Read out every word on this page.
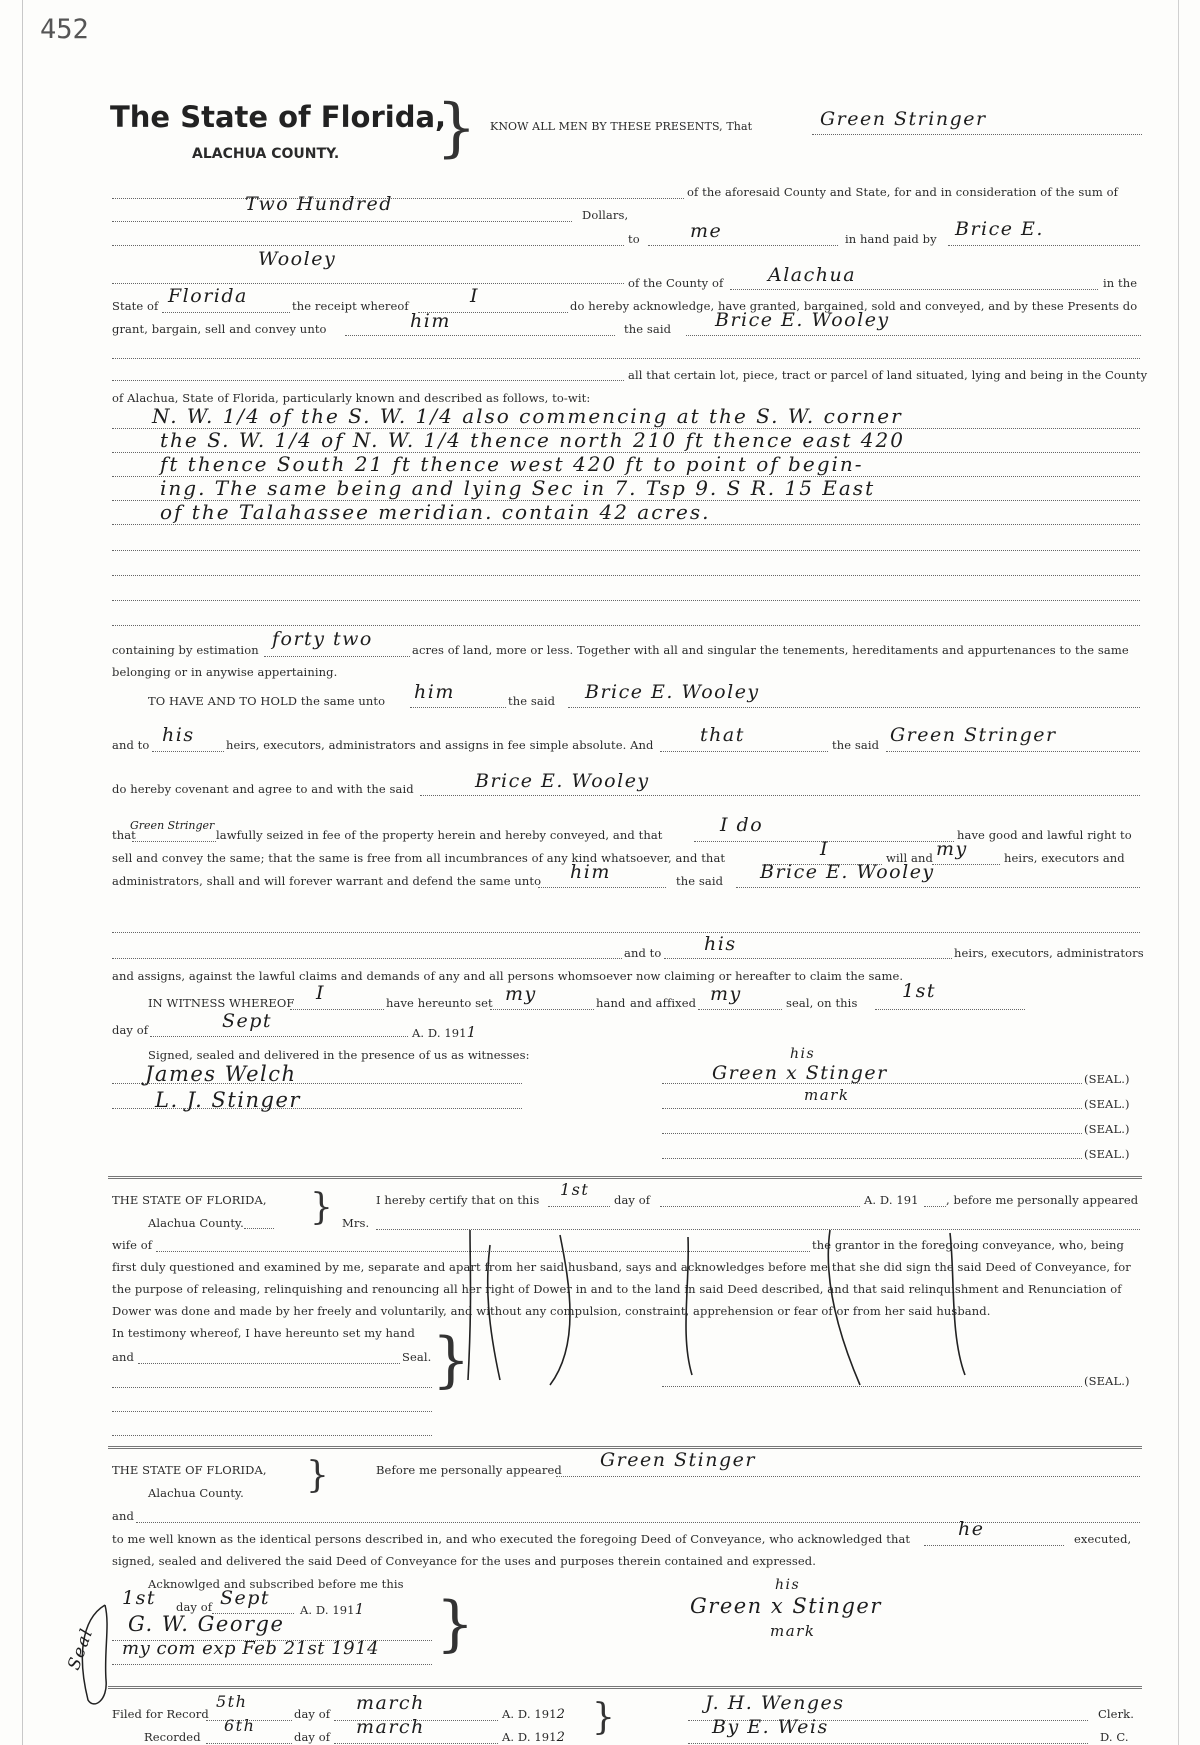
452
The State of Florida,
ALACHUA COUNTY. } KNOW ALL MEN BY THESE PRESENTS, That	Green Stringer
of the aforesaid County and State, for and in consideration of the sum of
Two Hundred	Dollars,
to	me	in hand paid by Brice E.
Wooley
of the County of Alachua	in the
State of Florida	the receipt whereof	I	do hereby acknowledge, have granted, bargained, sold and conveyed, and by these Presents do
grant, bargain, sell and convey unto	him	the said Brice E. Wooley
all that certain lot, piece, tract or parcel of land situated, lying and being in the County
of Alachua, State of Florida, particularly known and described as follows, to-wit:
N. W. 1/4 of the S. W. 1/4 also commencing at the S. W. corner
the S. W. 1/4 of N. W. 1/4 thence north 210 ft thence east 420
ft thence South 21 ft thence west 420 ft to point of begin-
ing. The same being and lying Sec in 7. Tsp 9. S R. 15 East
of the Talahassee meridian. contain 42 acres.
containing by estimation forty two	acres of land, more or less. Together with all and singular the tenements, hereditaments and appurtenances to the same
belonging or in anywise appertaining.
TO HAVE AND TO HOLD the same unto him	the said Brice E. Wooley
and to his	heirs, executors, administrators and assigns in fee simple absolute. And that	the said Green Stringer
do hereby covenant and agree to and with the said	Brice E. Wooley
that
Green Stringer
lawfully seized in fee of the property herein and hereby conveyed, and that	I do	have good and lawful right to
sell and convey the same; that the same is free from all incumbrances of any kind whatsoever, and that	I	will and my	heirs, executors and
administrators, shall and will forever warrant and defend the same unto him	the said Brice E. Wooley
and to his	heirs, executors, administrators
and assigns, against the lawful claims and demands of any and all persons whomsoever now claiming or hereafter to claim the same.
IN WITNESS WHEREOF I	have hereunto set my	hand and affixed my	seal, on this
1st
day of	Sept
A. D. 1911
Signed, sealed and delivered in the presence of us as witnesses:
James Welch
L. J. Stinger
(SEAL.)
(SEAL.)
(SEAL.)
(SEAL.)
his
Green x Stinger
mark
THE STATE OF FLORIDA,
Alachua County. }	I hereby certify that on this
1st
day of	A. D. 191 , before me personally appeared
Mrs.
wife of	the grantor in the foregoing conveyance, who, being
first duly questioned and examined by me, separate and apart from her said husband, says and acknowledges before me that she did sign the said Deed of Conveyance, for
the purpose of releasing, relinquishing and renouncing all her right of Dower in and to the land in said Deed described, and that said relinquishment and Renunciation of
Dower was done and made by her freely and voluntarily, and without any compulsion, constraint, apprehension or fear of or from her said husband.
In testimony whereof, I have hereunto set my hand
and	Seal. }	(SEAL.)
THE STATE OF FLORIDA,
Alachua County. }	Before me personally appeared Green Stinger
and
to me well known as the identical persons described in, and who executed the foregoing Deed of Conveyance, who acknowledged that	he	executed,
signed, sealed and delivered the said Deed of Conveyance for the uses and purposes therein contained and expressed.
Acknowlged and subscribed before me this
1st day of Sept
A. D. 1911
G. W. George
my com exp Feb 21st 1914 }
Seal
his
Green x Stinger
mark
Filed for Record
5th
day of march	A. D. 1912
Recorded
6th
day of march	A. D. 1912 }	J. H. Wenges	Clerk.
By E. Weis	D. C.
